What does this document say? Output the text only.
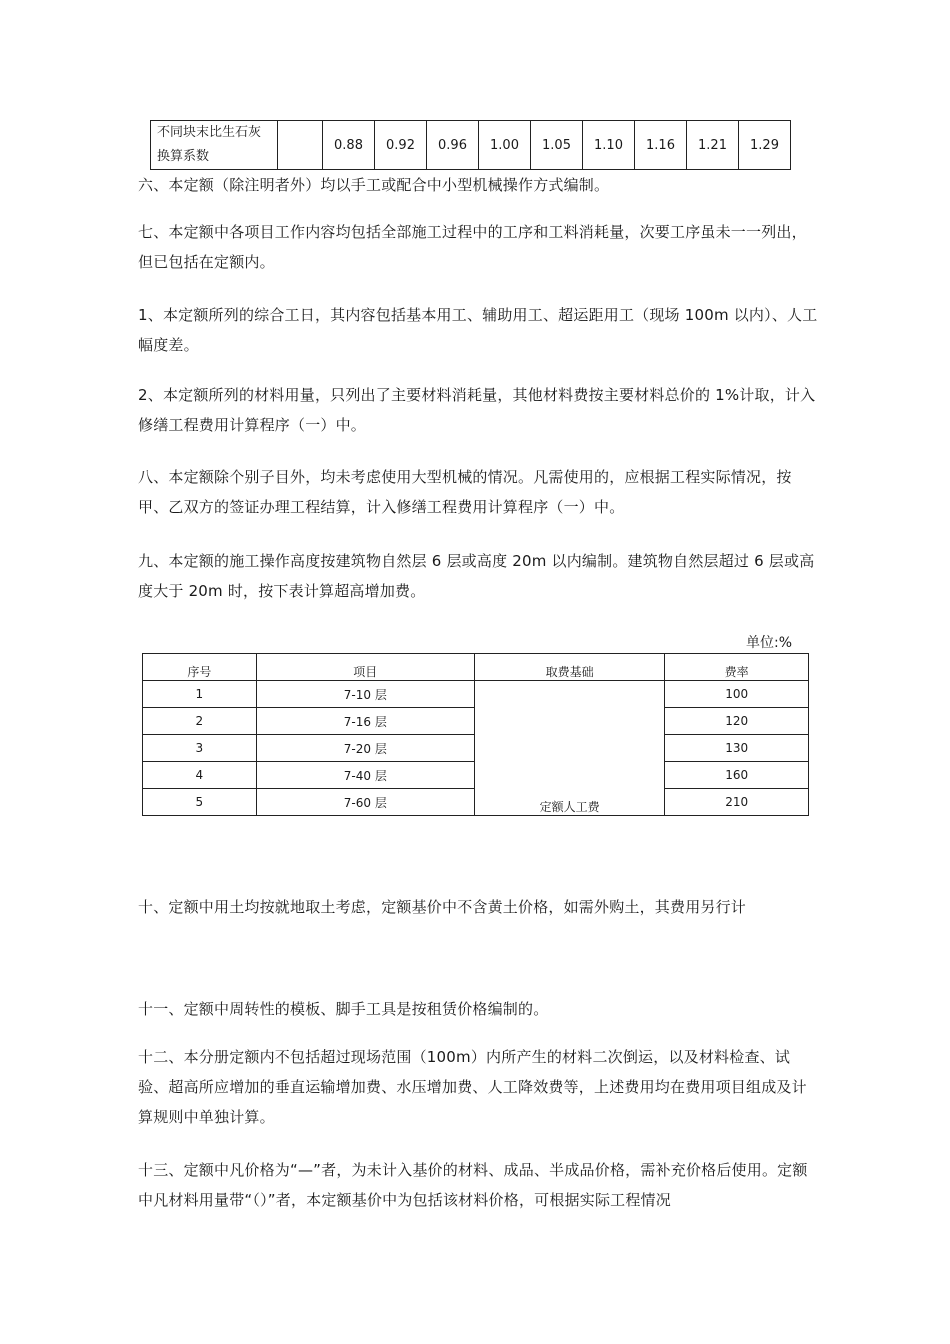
不同块末比生石灰
换算系数
		0.88	0.92	0.96	1.00	1.05	1.10	1.16	1.21	1.29
六、本定额（除注明者外）均以手工或配合中小型机械操作方式编制。
七、本定额中各项目工作内容均包括全部施工过程中的工序和工料消耗量，次要工序虽未一一列出，但已包括在定额内。
1、本定额所列的综合工日，其内容包括基本用工、辅助用工、超运距用工（现场 100m 以内）、人工幅度差。
2、本定额所列的材料用量，只列出了主要材料消耗量，其他材料费按主要材料总价的 1%计取，计入修缮工程费用计算程序（一）中。
八、本定额除个别子目外，均未考虑使用大型机械的情况。凡需使用的，应根据工程实际情况，按甲、乙双方的签证办理工程结算，计入修缮工程费用计算程序（一）中。
九、本定额的施工操作高度按建筑物自然层 6 层或高度 20m 以内编制。建筑物自然层超过 6 层或高度大于 20m 时，按下表计算超高增加费。
单位:%
序号	项目	取费基础	费率
1	7-10 层	定额人工费	100
2	7-16 层		120
3	7-20 层		130
4	7-40 层		160
5	7-60 层		210
十、定额中用土均按就地取土考虑，定额基价中不含黄土价格，如需外购土，其费用另行计
十一、定额中周转性的模板、脚手工具是按租赁价格编制的。
十二、本分册定额内不包括超过现场范围（100m）内所产生的材料二次倒运，以及材料检查、试验、超高所应增加的垂直运输增加费、水压增加费、人工降效费等，上述费用均在费用项目组成及计算规则中单独计算。
十三、定额中凡价格为“—”者，为未计入基价的材料、成品、半成品价格，需补充价格后使用。定额中凡材料用量带“（）”者，本定额基价中为包括该材料价格，可根据实际工程情况
